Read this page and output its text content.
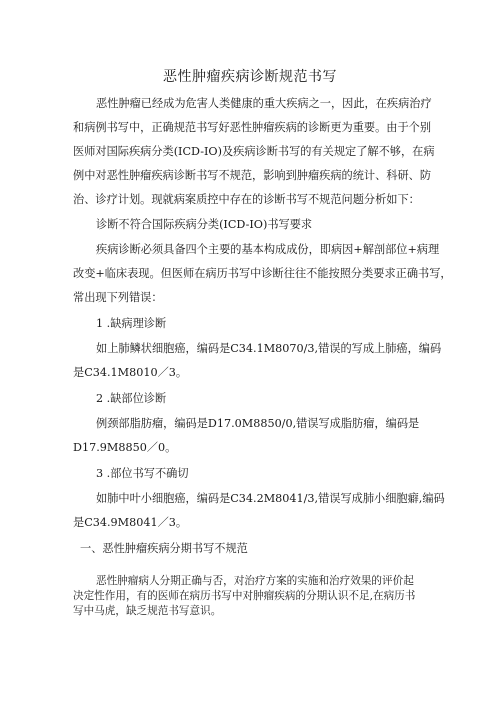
恶性肿瘤疾病诊断规范书写
恶性肿瘤已经成为危害人类健康的重大疾病之一，因此，在疾病治疗
和病例书写中，正确规范书写好恶性肿瘤疾病的诊断更为重要。由于个别
医师对国际疾病分类(ICD-IO)及疾病诊断书写的有关规定了解不够，在病
例中对恶性肿瘤疾病诊断书写不规范，影响到肿瘤疾病的统计、科研、防
治、诊疗计划。现就病案质控中存在的诊断书写不规范问题分析如下：
诊断不符合国际疾病分类(ICD-IO)书写要求
疾病诊断必须具备四个主要的基本构成成份，即病因+解剖部位+病理
改变+临床表现。但医师在病历书写中诊断往往不能按照分类要求正确书写，
常出现下列错误：
1 .缺病理诊断
如上肺鳞状细胞癌，编码是C34.1M8070/3,错误的写成上肺癌，编码
是C34.1M8010／3。
2 .缺部位诊断
例颈部脂肪瘤，编码是D17.0M8850/0,错误写成脂肪瘤，编码是
D17.9M8850／0。
3 .部位书写不确切
如肺中叶小细胞癌，编码是C34.2M8041/3,错误写成肺小细胞癖,编码
是C34.9M8041／3。
一、恶性肿瘤疾病分期书写不规范
恶性肿瘤病人分期正确与否，对治疗方案的实施和治疗效果的评价起
决定性作用，有的医师在病历书写中对肿瘤疾病的分期认识不足,在病历书
写中马虎，缺乏规范书写意识。
